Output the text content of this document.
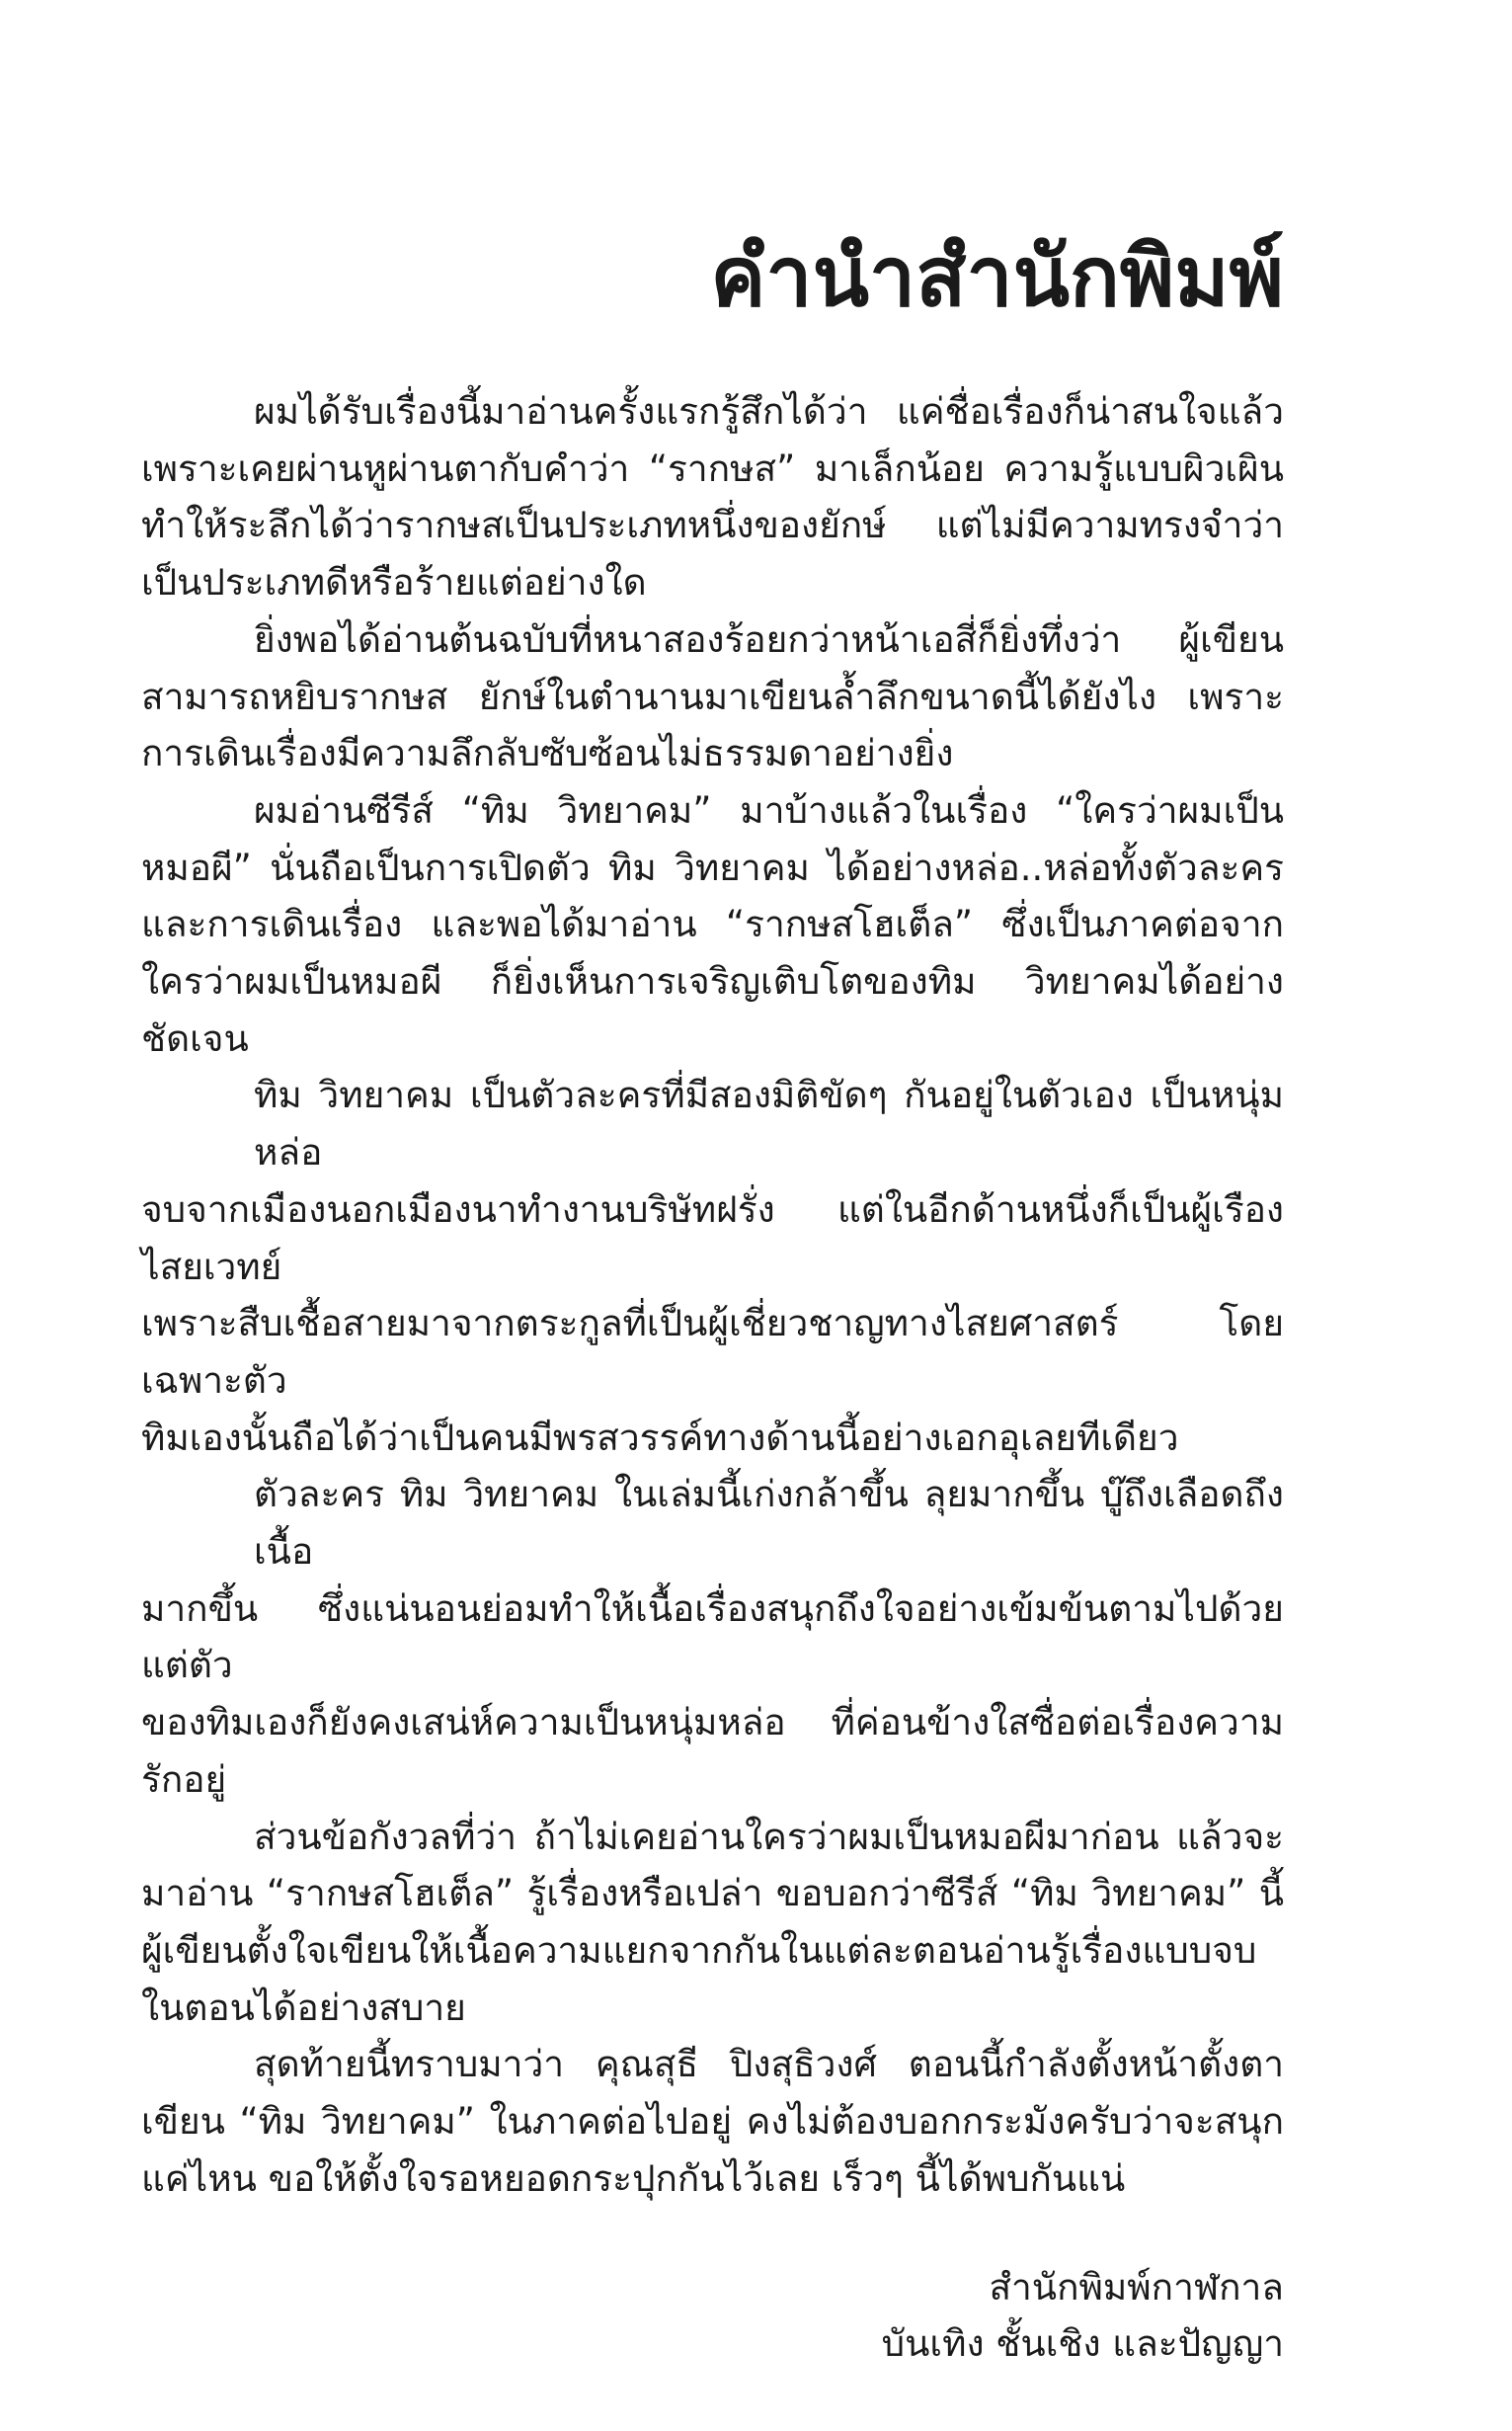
คำนำสำนักพิมพ์
ผมได้รับเรื่องนี้มาอ่านครั้งแรกรู้สึกได้ว่า แค่ชื่อเรื่องก็น่าสนใจแล้ว
เพราะเคยผ่านหูผ่านตากับคำว่า “รากษส” มาเล็กน้อย ความรู้แบบผิวเผิน
ทำให้ระลึกได้ว่ารากษสเป็นประเภทหนึ่งของยักษ์ แต่ไม่มีความทรงจำว่า
เป็นประเภทดีหรือร้ายแต่อย่างใด
ยิ่งพอได้อ่านต้นฉบับที่หนาสองร้อยกว่าหน้าเอสี่ก็ยิ่งทึ่งว่า ผู้เขียน
สามารถหยิบรากษส ยักษ์ในตำนานมาเขียนล้ำลึกขนาดนี้ได้ยังไง เพราะ
การเดินเรื่องมีความลึกลับซับซ้อนไม่ธรรมดาอย่างยิ่ง
ผมอ่านซีรีส์ “ทิม วิทยาคม” มาบ้างแล้วในเรื่อง “ใครว่าผมเป็น
หมอผี” นั่นถือเป็นการเปิดตัว ทิม วิทยาคม ได้อย่างหล่อ..หล่อทั้งตัวละคร
และการเดินเรื่อง และพอได้มาอ่าน “รากษสโฮเต็ล” ซึ่งเป็นภาคต่อจาก
ใครว่าผมเป็นหมอผี ก็ยิ่งเห็นการเจริญเติบโตของทิม วิทยาคมได้อย่างชัดเจน
ทิม วิทยาคม เป็นตัวละครที่มีสองมิติขัดๆ กันอยู่ในตัวเอง เป็นหนุ่มหล่อ
จบจากเมืองนอกเมืองนาทำงานบริษัทฝรั่ง แต่ในอีกด้านหนึ่งก็เป็นผู้เรืองไสยเวทย์
เพราะสืบเชื้อสายมาจากตระกูลที่เป็นผู้เชี่ยวชาญทางไสยศาสตร์ โดยเฉพาะตัว
ทิมเองนั้นถือได้ว่าเป็นคนมีพรสวรรค์ทางด้านนี้อย่างเอกอุเลยทีเดียว
ตัวละคร ทิม วิทยาคม ในเล่มนี้เก่งกล้าขึ้น ลุยมากขึ้น บู๊ถึงเลือดถึงเนื้อ
มากขึ้น ซึ่งแน่นอนย่อมทำให้เนื้อเรื่องสนุกถึงใจอย่างเข้มข้นตามไปด้วย แต่ตัว
ของทิมเองก็ยังคงเสน่ห์ความเป็นหนุ่มหล่อ ที่ค่อนข้างใสซื่อต่อเรื่องความรักอยู่
ส่วนข้อกังวลที่ว่า ถ้าไม่เคยอ่านใครว่าผมเป็นหมอผีมาก่อน แล้วจะ
มาอ่าน “รากษสโฮเต็ล” รู้เรื่องหรือเปล่า ขอบอกว่าซีรีส์ “ทิม วิทยาคม” นี้
ผู้เขียนตั้งใจเขียนให้เนื้อความแยกจากกันในแต่ละตอนอ่านรู้เรื่องแบบจบ
ในตอนได้อย่างสบาย
สุดท้ายนี้ทราบมาว่า คุณสุธี ปิงสุธิวงศ์ ตอนนี้กำลังตั้งหน้าตั้งตา
เขียน “ทิม วิทยาคม” ในภาคต่อไปอยู่ คงไม่ต้องบอกกระมังครับว่าจะสนุก
แค่ไหน ขอให้ตั้งใจรอหยอดกระปุกกันไว้เลย เร็วๆ นี้ได้พบกันแน่
สำนักพิมพ์กาฬกาล
บันเทิง ชั้นเชิง และปัญญา
